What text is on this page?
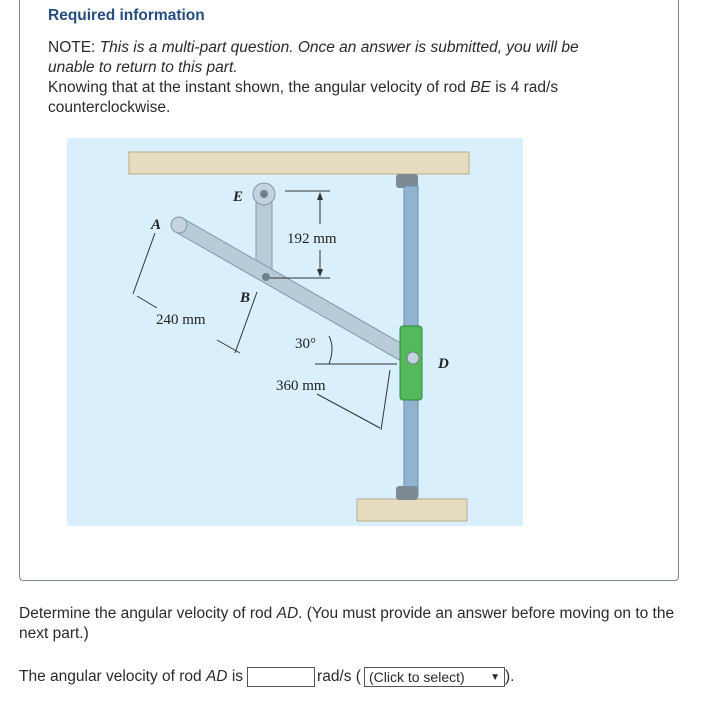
Required information
NOTE: This is a multi-part question. Once an answer is submitted, you will be unable to return to this part.
Knowing that at the instant shown, the angular velocity of rod BE is 4 rad/s counterclockwise.
E
A
B
D
192 mm
240 mm
360 mm
30°
Determine the angular velocity of rod AD. (You must provide an answer before moving on to the next part.)
The angular velocity of rod
AD
is	rad/s ( (Click to select)	▼ ).
